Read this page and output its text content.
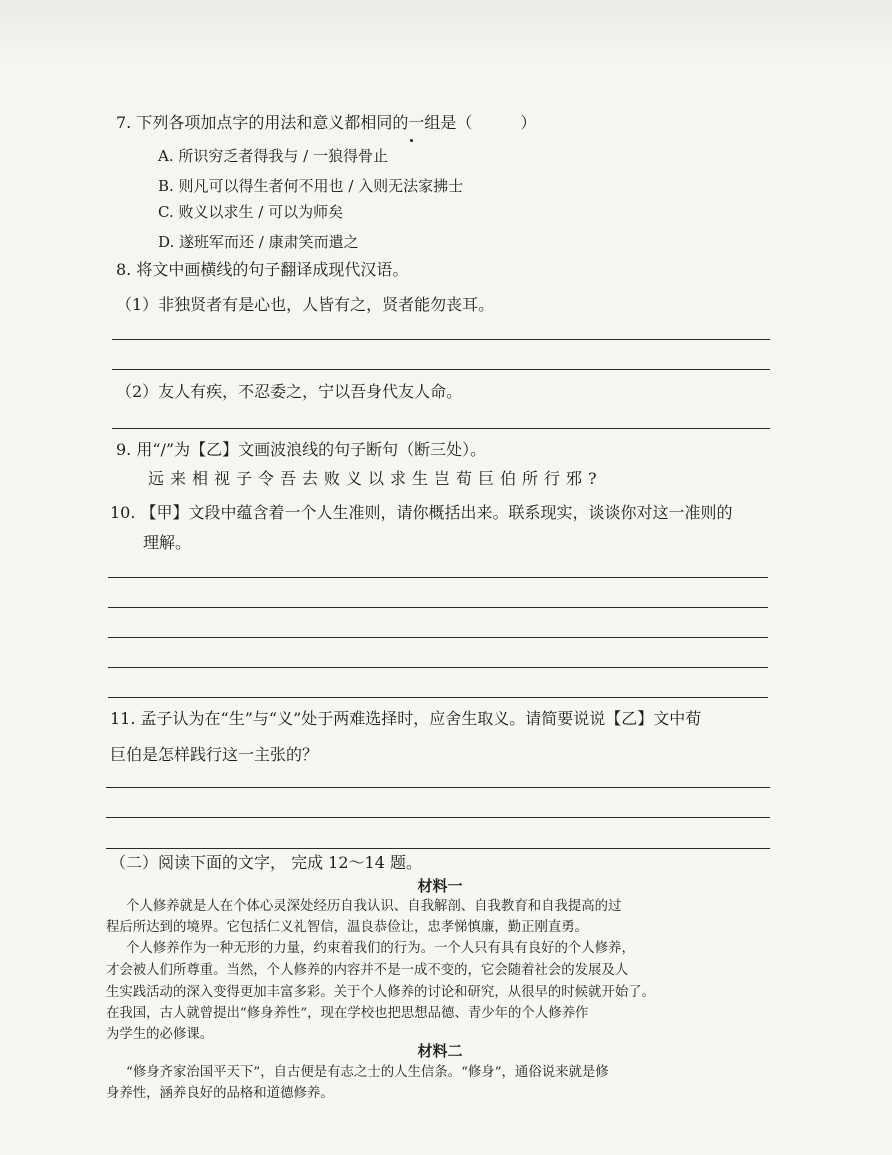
7. 下列各项加点字的用法和意义都相同的一组是（　　　）
A. 所识穷乏者得我与 / 一狼得骨止
B. 则凡可以得生者何不用也 / 入则无法家拂士
C. 败义以求生 / 可以为师矣
D. 遂班军而还 / 康肃笑而遣之
8. 将文中画横线的句子翻译成现代汉语。
（1）非独贤者有是心也，人皆有之，贤者能勿丧耳。
（2）友人有疾，不忍委之，宁以吾身代友人命。
9. 用“/”为【乙】文画波浪线的句子断句（断三处）。
远来相视子令吾去败义以求生岂荀巨伯所行邪?
10. 【甲】文段中蕴含着一个人生准则，请你概括出来。联系现实，谈谈你对这一准则的
理解。
11. 孟子认为在“生”与“义”处于两难选择时，应舍生取义。请简要说说【乙】文中荀
巨伯是怎样践行这一主张的？
（二）阅读下面的文字， 完成 12～14 题。
材料一
个人修养就是人在个体心灵深处经历自我认识、自我解剖、自我教育和自我提高的过
程后所达到的境界。它包括仁义礼智信，温良恭俭让，忠孝悌慎廉，勤正刚直勇。
个人修养作为一种无形的力量，约束着我们的行为。一个人只有具有良好的个人修养，
才会被人们所尊重。当然，个人修养的内容并不是一成不变的，它会随着社会的发展及人
生实践活动的深入变得更加丰富多彩。关于个人修养的讨论和研究，从很早的时候就开始了。
在我国，古人就曾提出“修身养性”，现在学校也把思想品德、青少年的个人修养作
为学生的必修课。
材料二
“修身齐家治国平天下”，自古便是有志之士的人生信条。“修身”，通俗说来就是修
身养性，涵养良好的品格和道德修养。
